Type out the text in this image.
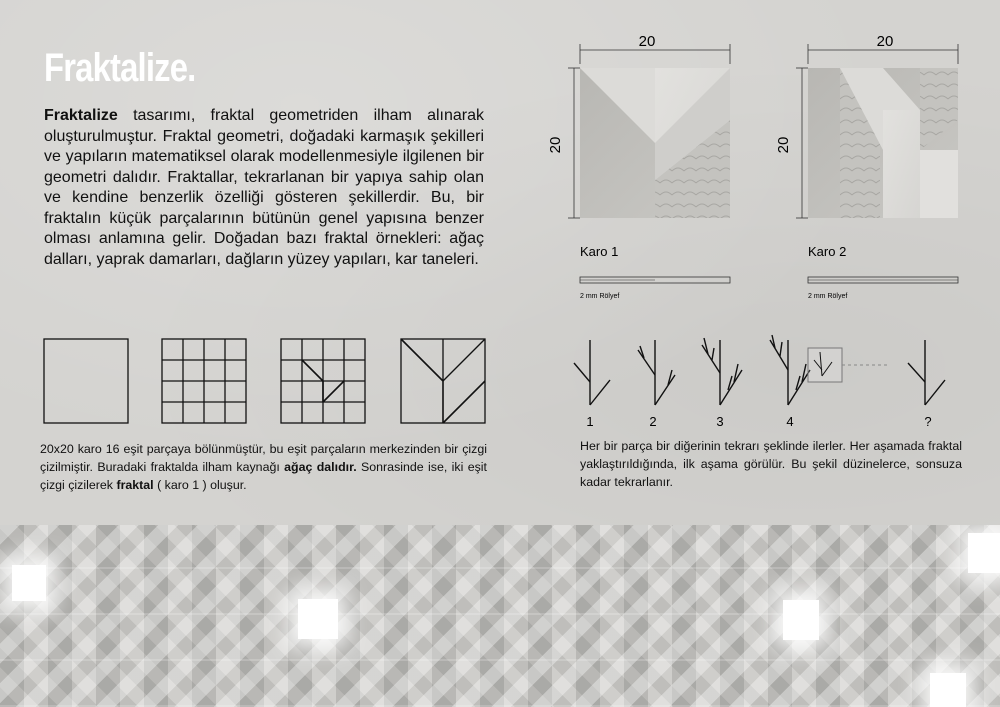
Fraktalize.

Fraktalize tasarımı, fraktal geometriden ilham alınarak oluşturulmuştur. Fraktal geometri, doğadaki karmaşık şekilleri ve yapıların matematiksel olarak modellenmesiyle ilgilenen bir geometri dalıdır. Fraktallar, tekrarlanan bir yapıya sahip olan ve kendine benzerlik özelliği gösteren şekillerdir. Bu, bir fraktalın küçük parçalarının bütünün genel yapısına benzer olması anlamına gelir. Doğadan bazı fraktal örnekleri: ağaç dalları, yaprak damarları, dağların yüzey yapıları, kar taneleri.

20x20 karo 16 eşit parçaya bölünmüştür, bu eşit parçaların merkezinden bir çizgi çizilmiştir. Buradaki fraktalda ilham kaynağı ağaç dalıdır. Sonrasinde ise, iki eşit çizgi çizilerek fraktal ( karo 1 ) oluşur.

20
20
Karo 1
2 mm Rölyef
20
20
Karo 2
2 mm Rölyef
1	2	3	4	?

Her bir parça bir diğerinin tekrarı şeklinde ilerler. Her aşamada fraktal yaklaştırıldığında, ilk aşama görülür. Bu şekil düzinelerce, sonsuza kadar tekrarlanır.
